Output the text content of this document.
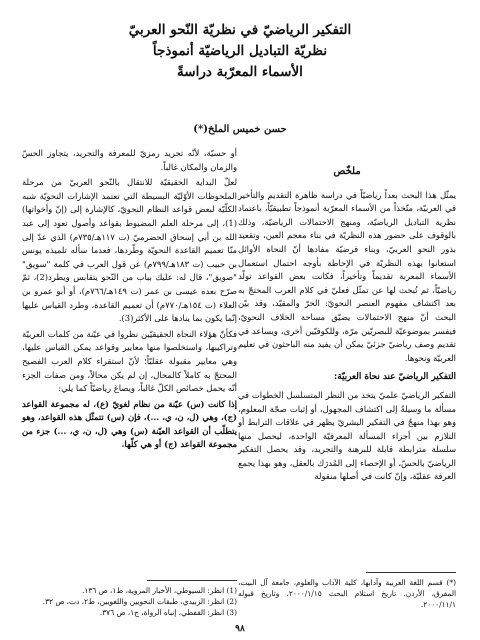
التفكير الرياضيّ في نظريّة النّحو العربيّ
نظريّة التباديل الرياضيّة أنموذجاً
الأسماء المعرّبة دراسةً
حسن خميس الملخ(*)
ملخّص

يمثّل هذا البحث بعداً رياضيّاً في دراسة ظاهرة التقديم والتأخير في العربيّة، متّخذاً من الأسماء المعرّبة أنموذجاً تطبيقيّاً، باعتماد نظرية التباديل الرياضيّة، ومنهج الاحتمالات الرياضيّة، وذلك بالوقوف على حضور هذه النظريّة في بناء معجم العين، وتقعيد بذور النحو العربيّ، وبناء فرضيّة مفادها أنّ النحاة الأوائل استعانوا بهذه النظريّة في الإحاطة بأوجه احتمال استعمال الأسماء المعربة تقديماً وتأخيراً، فكانت بعض القواعد تولّد رياضيّاً، ثم تُبحث لها عن تمثّل فعليّ في كلام العرب المحتجّ به بعد اكتشاف مفهوم العنصر النحويّ: الحرّ والمقيّد، وقد بيّن البحث أنّ منهج الاحتمالات يضيّق مساحة الخلاف النحويّ، فيفسر بموضوعيّة للبصريّين مرّة، وللكوفيّين أخرى، ويساعد في تقديم وصف رياضيّ جزئيّ يمكن أن يفيد منه الباحثون في تعليم العربيّة ونحوها.

التفكير الرياضيّ عند نحاة العربيّة:

التفكير الرياضيّ علميّ يتخذ من النظر المتسلسل الخطوات في مسألة ما وسيلةً إلى اكتشاف المجهول، أو إثبات صحّة المعلوم، وهو بهذا منهجٌ في التفكير البشريّ يظهر في علاقات الترابط أو التلازم بين أجزاء المسألة المعرفيّة الواحدة، ليحصل منها سلسلة مترابطة قابلة للبرهنة والتجريد، وقد يحصل التفكير الرياضيّ بالحسّ، أو الإحصاء إلى المُدرَك بالعقل، وهو بهذا يجمع العرفة عقليّة، وإنّ كانت في أصلها منقولة

أو حسيّة، لأنّه تجريد رمزيّ للمعرفة والتجريد، يتجاوز الحسّ والزمان والمكان غالباً.

لعلّ البداية الحقيقيّة للانتقال بالنّحو العربيّ من مرحلة الملحوظات الأوّليّة البسيطة التي تعتمد الإشارات النحويّة شبه الكلّيّة لبعض قواعد النظام النحويّ، كالإشارة إلى (إنّ وأخواتها)(1)، إلى مرحلة العلم المضبوط بقواعد وأصول تعود إلى عبد الله بن أبي إسحاق الحضرميّ (ت ١١٧هـ/٧٣٥م) الذي عدّ إلى منّا تعميم القاعدة النحويّة وطّردها، فعدما سأله تلميذه يونس بن حبيب (ت ١٨٣هـ/٧٩٩م) عن قول العرب في كلمة "سويق" "صويق"، قال له: عليك بباب من النّحو يتقابس ويطرد(2)، ثمّ صرّح بعده عيسى بن عمر (ت ١٤٩هـ/٧٦٦م)، أو أبو عمرو بن العلاء (ت ١٥٤هـ/٧٧٠م) أن تعميم القاعدة، وطرد القياس عليها إنّما يكون بما ينادها على الأكثر(3).

فكأنّ هؤلاء النحاة الحقيقيّين نظروا في عيّنة من كلمات العربيّة وتراكيبها، واستخلصوا منها معايير وقواعد يمكن القياس عليها، وهي معايير مقبولة عقليّاً؛ لأنّ استقراء كلام العرب الفصيح المحتجّ به كاملاً كالمحال، إن لم يكن محالاً، ومن صفات الجزء أنّه يحمل خصائص الكلّ غالباً، ويصاغ رياضيّاً كما يلي:

إذا كانت (س) عيّنة من نظام لغويّ (ع)، له مجموعة القواعد (ج)، وهي (ل، ن، ي، ...)، فإن (س) تتمثّل هذه القواعد، وهو يتطلّب أن القواعد العيّنة (س) وهي (ل، ن، ي، ...) جزء من مجموعة القواعد (ج) أو هي كلّها.

(*) قسم اللغة العربية وآدابها، كلية الآداب والعلوم، جامعة آل البيت، المفرق، الأردن. تاريخ استلام البحث ٢٠٠٠/١/١٥، وتاريخ قبوله ٢٠٠٠/١١/١.

(1) انظر: السيوطي، الأخبار المروية، ط١، ص ١٣٦.

(2) انظر: الزبيدي، طبقات النحويين واللغويين، ط٢، دت، ص ٣٢.

(3) انظر: القفطي، إنباه الرواة، ج١، ص ٣٧٦.

٩٨
